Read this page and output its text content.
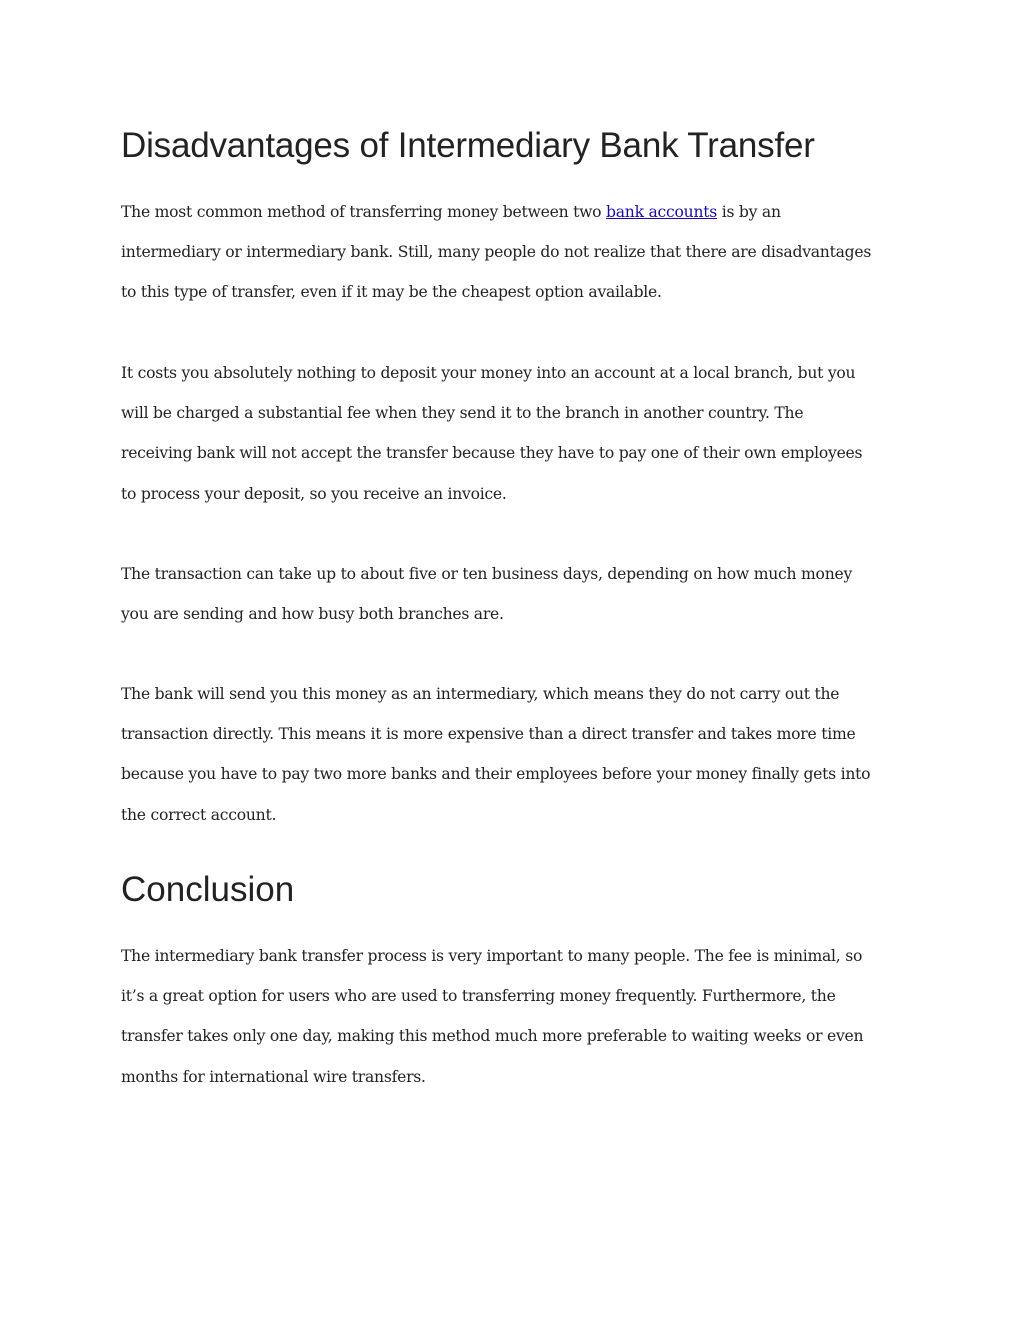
Disadvantages of Intermediary Bank Transfer

The most common method of transferring money between two bank accounts is by an
intermediary or intermediary bank. Still, many people do not realize that there are disadvantages
to this type of transfer, even if it may be the cheapest option available.

It costs you absolutely nothing to deposit your money into an account at a local branch, but you
will be charged a substantial fee when they send it to the branch in another country. The
receiving bank will not accept the transfer because they have to pay one of their own employees
to process your deposit, so you receive an invoice.

The transaction can take up to about five or ten business days, depending on how much money
you are sending and how busy both branches are.

The bank will send you this money as an intermediary, which means they do not carry out the
transaction directly. This means it is more expensive than a direct transfer and takes more time
because you have to pay two more banks and their employees before your money finally gets into
the correct account.

Conclusion

The intermediary bank transfer process is very important to many people. The fee is minimal, so
it’s a great option for users who are used to transferring money frequently. Furthermore, the
transfer takes only one day, making this method much more preferable to waiting weeks or even
months for international wire transfers.
